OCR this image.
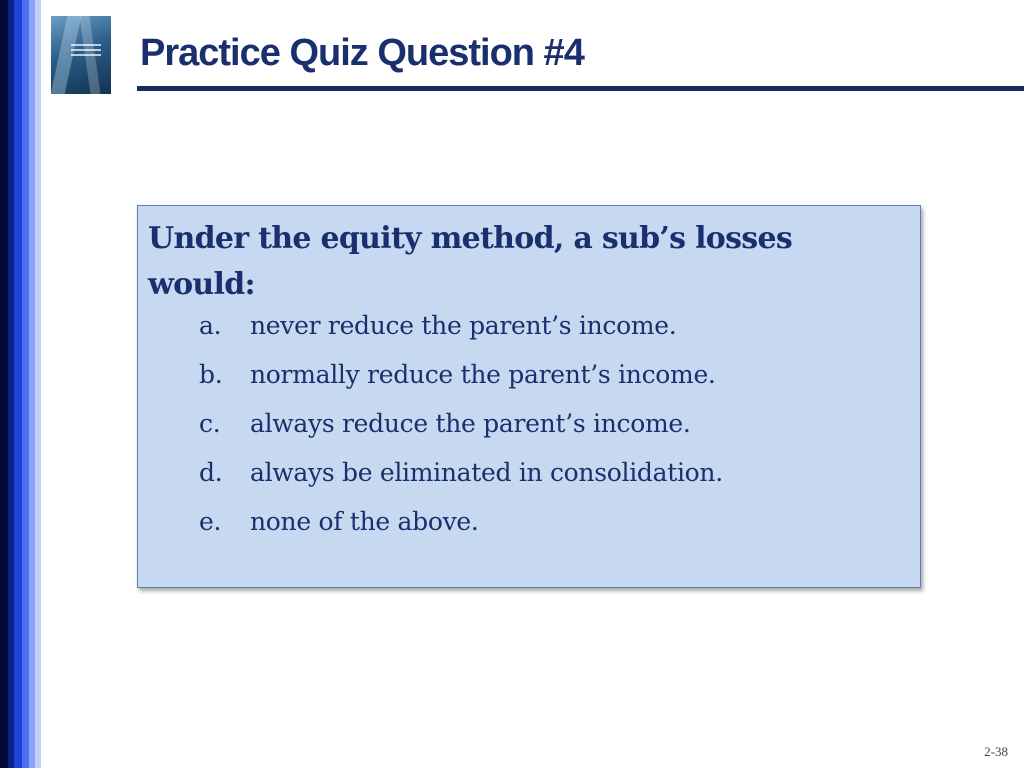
Practice Quiz Question #4

Under the equity method, a sub’s losses would:

a. never reduce the parent’s income.
b. normally reduce the parent’s income.
c. always reduce the parent’s income.
d. always be eliminated in consolidation.
e. none of the above.
2-38
